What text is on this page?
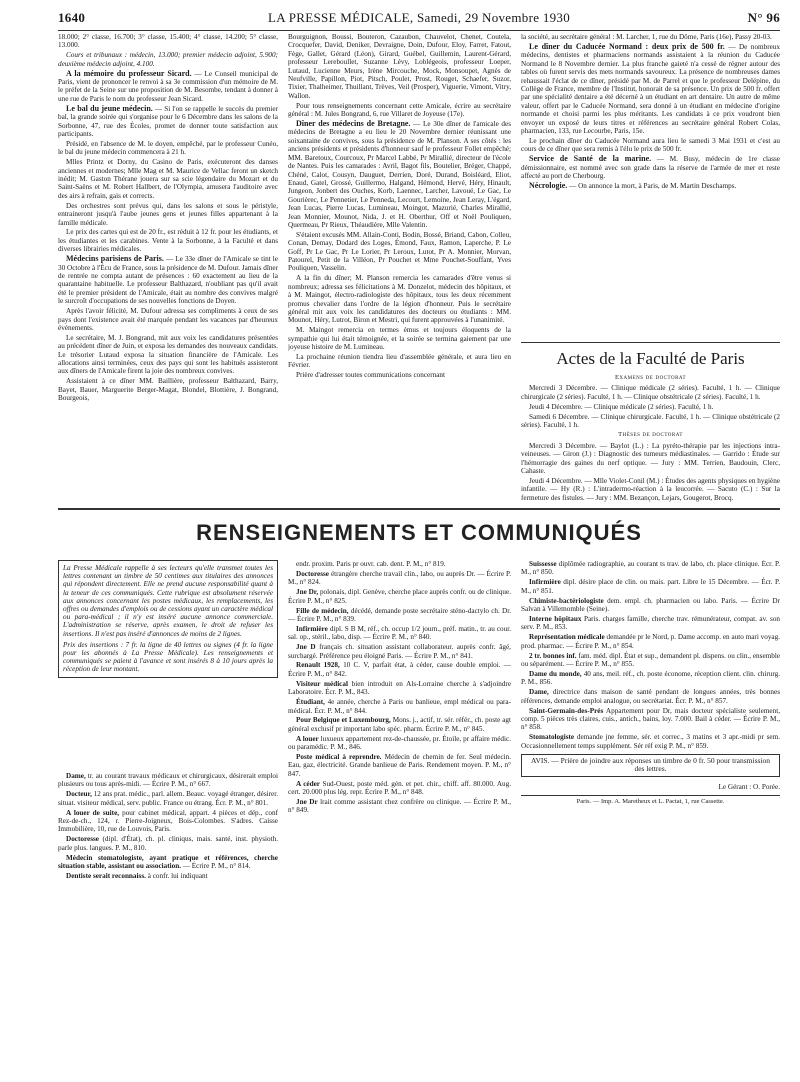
1640	LA PRESSE MÉDICALE, Samedi, 29 Novembre 1930	N° 96

18.000; 2° classe, 16.700; 3° classe, 15.400; 4° classe, 14.200; 5° classe, 13.000.

Cours et tribunaux : médecin, 13.000; premier médecin adjoint, 5.900; deuxième médecin adjoint, 4.100.

A la mémoire du professeur Sicard. — Le Conseil municipal de Paris, vient de prononcer le renvoi à sa 3e commission d'un mémoire de M. le préfet de la Seine sur une proposition de M. Besombe, tendant à donner à une rue de Paris le nom du professeur Jean Sicard.

Le bal du jeune médecin. — Si l'on se rappelle le succès du premier bal, la grande soirée qui s'organise pour le 6 Décembre dans les salons de la Sorbonne, 47, rue des Écoles, promet de donner toute satisfaction aux participants.

Présidé, en l'absence de M. le doyen, empêché, par le professeur Cunéo, le bal du jeune médecin commencera à 21 h.

Mlles Printz et Dorny, du Casino de Paris, exécuteront des danses anciennes et modernes; Mlle Mag et M. Maurice de Vellac feront un sketch inédit; M. Gaston Thérane jouera sur sa scie légendaire du Mozart et du Saint-Saëns et M. Robert Hallbert, de l'Olympia, amusera l'auditoire avec des airs à refrain, gais et corrects.

Des orchestres sont prévus qui, dans les salons et sous le péristyle, entraineront jusqu'à l'aube jeunes gens et jeunes filles appartenant à la famille médicale.

Le prix des cartes qui est de 20 fr., est réduit à 12 fr. pour les étudiants, et les étudiantes et les carabines. Vente à la Sorbonne, à la Faculté et dans diverses librairies médicales.

Médecins parisiens de Paris. — Le 33e dîner de l'Amicale se tint le 30 Octobre à l'Écu de France, sous la présidence de M. Dufour. Jamais dîner de rentrée ne compta autant de présences : 60 exactement au lieu de la quarantaine habituelle. Le professeur Balthazard, n'oubliant pas qu'il avait été le premier président de l'Amicale, était au nombre des convives malgré le surcroît d'occupations de ses nouvelles fonctions de Doyen.

Après l'avoir félicité, M. Dufour adressa ses compliments à ceux de ses pays dont l'existence avait été marquée pendant les vacances par d'heureux événements.

Le secrétaire, M. J. Bongrand, mit aux voix les candidatures présentées au précédent dîner de Juin, et exposa les demandes des nouveaux candidats. Le trésorier Lutaud exposa la situation financière de l'Amicale. Les allocations ainsi terminées, ceux des pays qui sont les habitués assisteront aux dîners de l'Amicale firent la joie des nombreux convives.

Assistaient à ce dîner MM. Baillière, professeur Balthazard, Barry, Bayet, Bauer, Marguerite Berger-Magat, Blondel, Blottière, J. Bongrand, Bourgeois,

Bourguignon, Boussi, Bouteron, Cazaubon, Chauvelot, Chenet, Coutela, Crocquefer, David, Deniker, Devraigne, Doin, Dufour, Eloy, Farret, Fatout, Fège, Gallet, Gérard (Léon), Girard, Guébel, Guillemin, Laurent-Gérard, professeur Lereboullet, Suzanne Lévy, Loblégeois, professeur Loeper, Lutaud, Lucienne Meurs, Irène Mircouche, Mock, Monsoupet, Agnès de Neufville, Papillon, Piot, Pitsch, Poulet, Prost, Rouget, Schaefer, Suzor, Tixier, Thalheimer, Thuillant, Trèves, Veil (Prosper), Viguerie, Vimont, Vitry, Wallon.

Pour tous renseignements concernant cette Amicale, écrire au secrétaire général : M. Jules Bongrand, 6, rue Villaret de Joyeuse (17e).

Dîner des médecins de Bretagne. — Le 30e dîner de l'amicale des médecins de Bretagne a eu lieu le 20 Novembre dernier réunissant une soixantaine de convives, sous la présidence de M. Planson. A ses côtés : les anciens présidents et présidents d'honneur sauf le professeur Follet empêché; MM. Baretoux, Courcoux, Pr Marcel Labbé, Pr Mirallié, directeur de l'école de Nantes. Puis les camarades : Avril, Bagot fils, Boutelier, Bréger, Chappé, Chéné, Calot, Cousyn, Dauguet, Derrien, Doré, Durand, Boisléard, Eliot, Enaud, Gatel, Grossé, Guillermo, Halgand, Hémond, Hervé, Héry, Hinault, Jungeon, Jonbert des Ouches, Korb, Laennec, Larcher, Lavoué, Le Gac, Le Gourièrec, Le Pennetier, Le Penneda, Lecourt, Lemoine, Jean Leray, L'égard, Jean Lucas, Pierre Lucas, Lumineau, Moingot, Mazurié, Charles Mirallié, Jean Monnier, Mounot, Nida, J. et H. Oberthur, Off et Noël Pouliquen, Quermeau, Pr Rieux, Théaudière, Mlle Valentin.

S'étaient excusés MM. Allain-Conti, Bodin, Bossé, Briand, Cabon, Colleu, Conan, Demay, Dodard des Loges, Émond, Faux, Ramon, Laperche, P. Le Goff, Pr Le Gac, Pr Le Lorier, Pr Leroux, Lutot, Pr A. Monnier, Morvan, Patourel, Petit de la Villéon, Pr Pouchet et Mme Pouchet-Souffant, Yves Pouliquen, Vasselin.

A la fin du dîner; M. Planson remercia les camarades d'être venus si nombreux; adressa ses félicitations à M. Donzelot, médecin des hôpitaux, et à M. Maingot, électro-radiologiste des hôpitaux, tous les deux récemment promus chevalier dans l'ordre de la légion d'honneur. Puis le secrétaire général mit aux voix les candidatures des docteurs ou étudiants : MM. Mounot, Héry, Lutrot, Biron et Mestri, qui furent approuvées à l'unanimité.

M. Maingot remercia en termes émus et toujours éloquents de la sympathie qui lui était témoignée, et la soirée se termina gaiement par une joyeuse histoire de M. Lumineau.

La prochaine réunion tiendra lieu d'assemblée générale, et aura lieu en Février.

Prière d'adresser toutes communications concernant

la société, au secrétaire général : M. Larcher, 1, rue du Dôme, Paris (16e), Passy 20-03.

Le dîner du Caducée Normand : deux prix de 500 fr. — De nombreux médecins, dentistes et pharmaciens normands assistaient à la réunion du Caducée Normand le 8 Novembre dernier. La plus franche gaieté n'a cessé de régner autour des tables où furent servis des mets normands savoureux. La présence de nombreuses dames rehaussait l'éclat de ce dîner, présidé par M. de Parrel et que le professeur Delépine, du Collège de France, membre de l'Institut, honorait de sa présence. Un prix de 500 fr. offert par une spécialité dentaire a été décerné à un étudiant en art dentaire. Un autre de même valeur, offert par le Caducée Normand, sera donné à un étudiant en médecine d'origine normande et choisi parmi les plus méritants. Les candidats à ce prix voudront bien envoyer un exposé de leurs titres et références au secrétaire général Robert Colas, pharmacien, 133, rue Lecourbe, Paris, 15e.

Le prochain dîner du Caducée Normand aura lieu le samedi 3 Mai 1931 et c'est au cours de ce dîner que sera remis à l'élu le prix de 500 fr.

Service de Santé de la marine. — M. Busy, médecin de 1re classe démissionnaire, est nommé avec son grade dans la réserve de l'armée de mer et reste affecté au port de Cherbourg.

Nécrologie. — On annonce la mort, à Paris, de M. Martin Deschamps.

Actes de la Faculté de Paris
Examens de doctorat

Mercredi 3 Décembre. — Clinique médicale (2 séries). Faculté, 1 h. — Clinique chirurgicale (2 séries). Faculté, 1 h. — Clinique obstétricale (2 séries). Faculté, 1 h.

Jeudi 4 Décembre. — Clinique médicale (2 séries). Faculté, 1 h.

Samedi 6 Décembre. — Clinique chirurgicale. Faculté, 1 h. — Clinique obstétricale (2 séries). Faculté, 1 h.

Thèses de doctorat

Mercredi 3 Décembre. — Baylot (L.) : La pyréto-thérapie par les injections intra-veineuses. — Giron (J.) : Diagnostic des tumeurs médiastinales. — Garrido : Étude sur l'hémorragie des gaines du nerf optique. — Jury : MM. Terrien, Baudouin, Clerc, Cahaste.

Jeudi 4 Décembre. — Mlle Violet-Conil (M.) : Études des agents physiques en hygiène infantile. — Hy (R.) : L'intradermo-réaction à la leucorrée. — Sacuto (C.) : Sur la fermeture des fistules. — Jury : MM. Bezançon, Lejars, Gougerot, Brocq.

RENSEIGNEMENTS ET COMMUNIQUÉS
La Presse Médicale rappelle à ses lecteurs qu'elle transmet toutes les lettres contenant un timbre de 50 centimes aux titulaires des annonces qui répondent directement. Elle ne prend aucune responsabilité quant à la teneur de ces communiqués. Cette rubrique est absolument réservée aux annonces concernant les postes médicaux, les remplacements, les offres ou demandes d'emplois ou de cessions ayant un caractère médical ou para-médical ; il n'y est inséré aucune annonce commerciale. L'administration se réserve, après examen, le droit de refuser les insertions. Il n'est pas inséré d'annonces de moins de 2 lignes.
Prix des insertions : 7 fr. la ligne de 40 lettres ou signes (4 fr. la ligne pour les abonnés à La Presse Médicale). Les renseignements et communiqués se paient à l'avance et sont insérés 8 à 10 jours après la réception de leur montant.

Dame, tr. au courant travaux médicaux et chirurgicaux, désirerait emploi plusieurs ou tous après-midi. — Écrire P. M., n° 667.

Docteur, 12 ans prat. médic., parl. allem. Beauc. voyagé étranger, désirer. situat. visiteur médical, serv. public. France ou étrang. Écr. P. M., n° 801.

A louer de suite, pour cabinet médical, appart. 4 pièces et dép., conf Rez-de-ch., 124, r. Pierre-Joigneux, Bois-Colombes. S'adres. Caisse Immobilière, 10, rue de Louvois, Paris.

Doctoresse (dipl. d'État), ch. pl. cliniqus, mais. santé, inst. physioth. parle plus. langues. P. M., 810.

Médecin stomatologiste, ayant pratique et références, cherche situation stable, assistant ou association. — Écrire P. M., n° 814.

Dentiste serait reconnaiss. à confr. lui indiquant

endr. proxim. Paris pr ouvr. cab. dent. P. M., n° 819.

Doctoresse étrangère cherche travail clin., labo, ou auprès Dr. — Écrire P. M., n° 824.

Jne Dr, polonais, dipl. Genève, cherche place auprès confr. ou de clinique. Écrire P. M., n° 825.

Fille de médecin, décédé, demande poste secrétaire sténo-dactylo ch. Dr. — Écrire P. M., n° 839.

Infirmière dipl. S B M, réf., ch. occup 1/2 journ., préf. matin., tr. au cour. sal. op., stéril., labo, disp. — Écrire P. M., n° 840.

Jne D français ch. situation assistant collaborateur. auprès confr. âgé, surchargé. Préférence peu éloigné Paris. — Écrire P. M., n° 841.

Renault 1928, 10 C. V, parfait état, à céder, cause double emploi. — Écrire P. M., n° 842.

Visiteur médical bien introduit en Als-Lorraine cherche à s'adjoindre Laboratoire. Écr. P. M., 843.

Étudiant, 4e année, cherche à Paris ou banlieue, empl médical ou para-médical. Écr. P. M., n° 844.

Pour Belgique et Luxembourg, Mons. j., actif, tr. sér. référ., ch. poste agt général exclusif pr important labo spéc. pharm. Écrire P. M., n° 845.

A louer luxueux appartement rez-de-chaussée, pr. Étoile, pr affaire médic. ou paramédic. P. M., 846.

Poste médical à reprendre. Médecin de chemin de fer. Seul médecin. Eau, gaz, électricité. Grande banlieue de Paris. Rendement moyen. P. M., n° 847.

A céder Sud-Ouest, poste méd. gén. et pet. chir., chiff. aff. 80.000. Aug. cert. 20.000 plus lég. repr. Écrire P. M., n° 848.

Jne Dr lrait comme assistant chez confrère ou clinique. — Écrire P. M., n° 849.

Suissesse diplômée radiographie, au courant ts trav. de labo, ch. place clinique. Écr. P. M., n° 850.

Infirmière dipl. désire place de clin. ou mais. part. Libre le 15 Décembre. — Écr. P. M., n° 851.

Chimiste-bactériologiste dem. empl. ch. pharmacien ou labo. Paris. — Écrire Dr Salvan à Villemomble (Seine).

Interne hôpitaux Paris. charges famille, cherche trav. rémunérateur, compat. av. son serv. P. M., 853.

Représentation médicale demandée pr le Nord, p. Dame accomp. en auto mari voyag. prod. pharmac. — Écrire P. M., n° 854.

2 tr. bonnes inf. fam. méd. dipl. État et sup., demandent pl. dispens. ou clin., ensemble ou séparément. — Écrire P. M., n° 855.

Dame du monde, 40 ans, meil. réf., ch. poste économe, réception client. clin. chirurg. P. M., 856.

Dame, directrice dans maison de santé pendant de longues années, très bonnes références, demande emploi analogue, ou secrétariat. Écr. P. M., n° 857.

Saint-Germain-des-Prés Appartement pour Dr, mais docteur spécialiste seulement, comp. 5 pièces très claires, cuis., antich., bains, loy. 7.000. Bail à céder. — Écrire P. M., n° 858.

Stomatologiste demande jne femme, sér. et correc., 3 matins et 3 apr.-midi pr sem. Occasionnellement temps supplément. Sér réf exig P. M., n° 859.

AVIS. — Prière de joindre aux réponses un timbre de 0 fr. 50 pour transmission des lettres.
Le Gérant : O. Porée.
Paris. — Imp. A. Maretheux et L. Pactat, 1, rue Cassette.
